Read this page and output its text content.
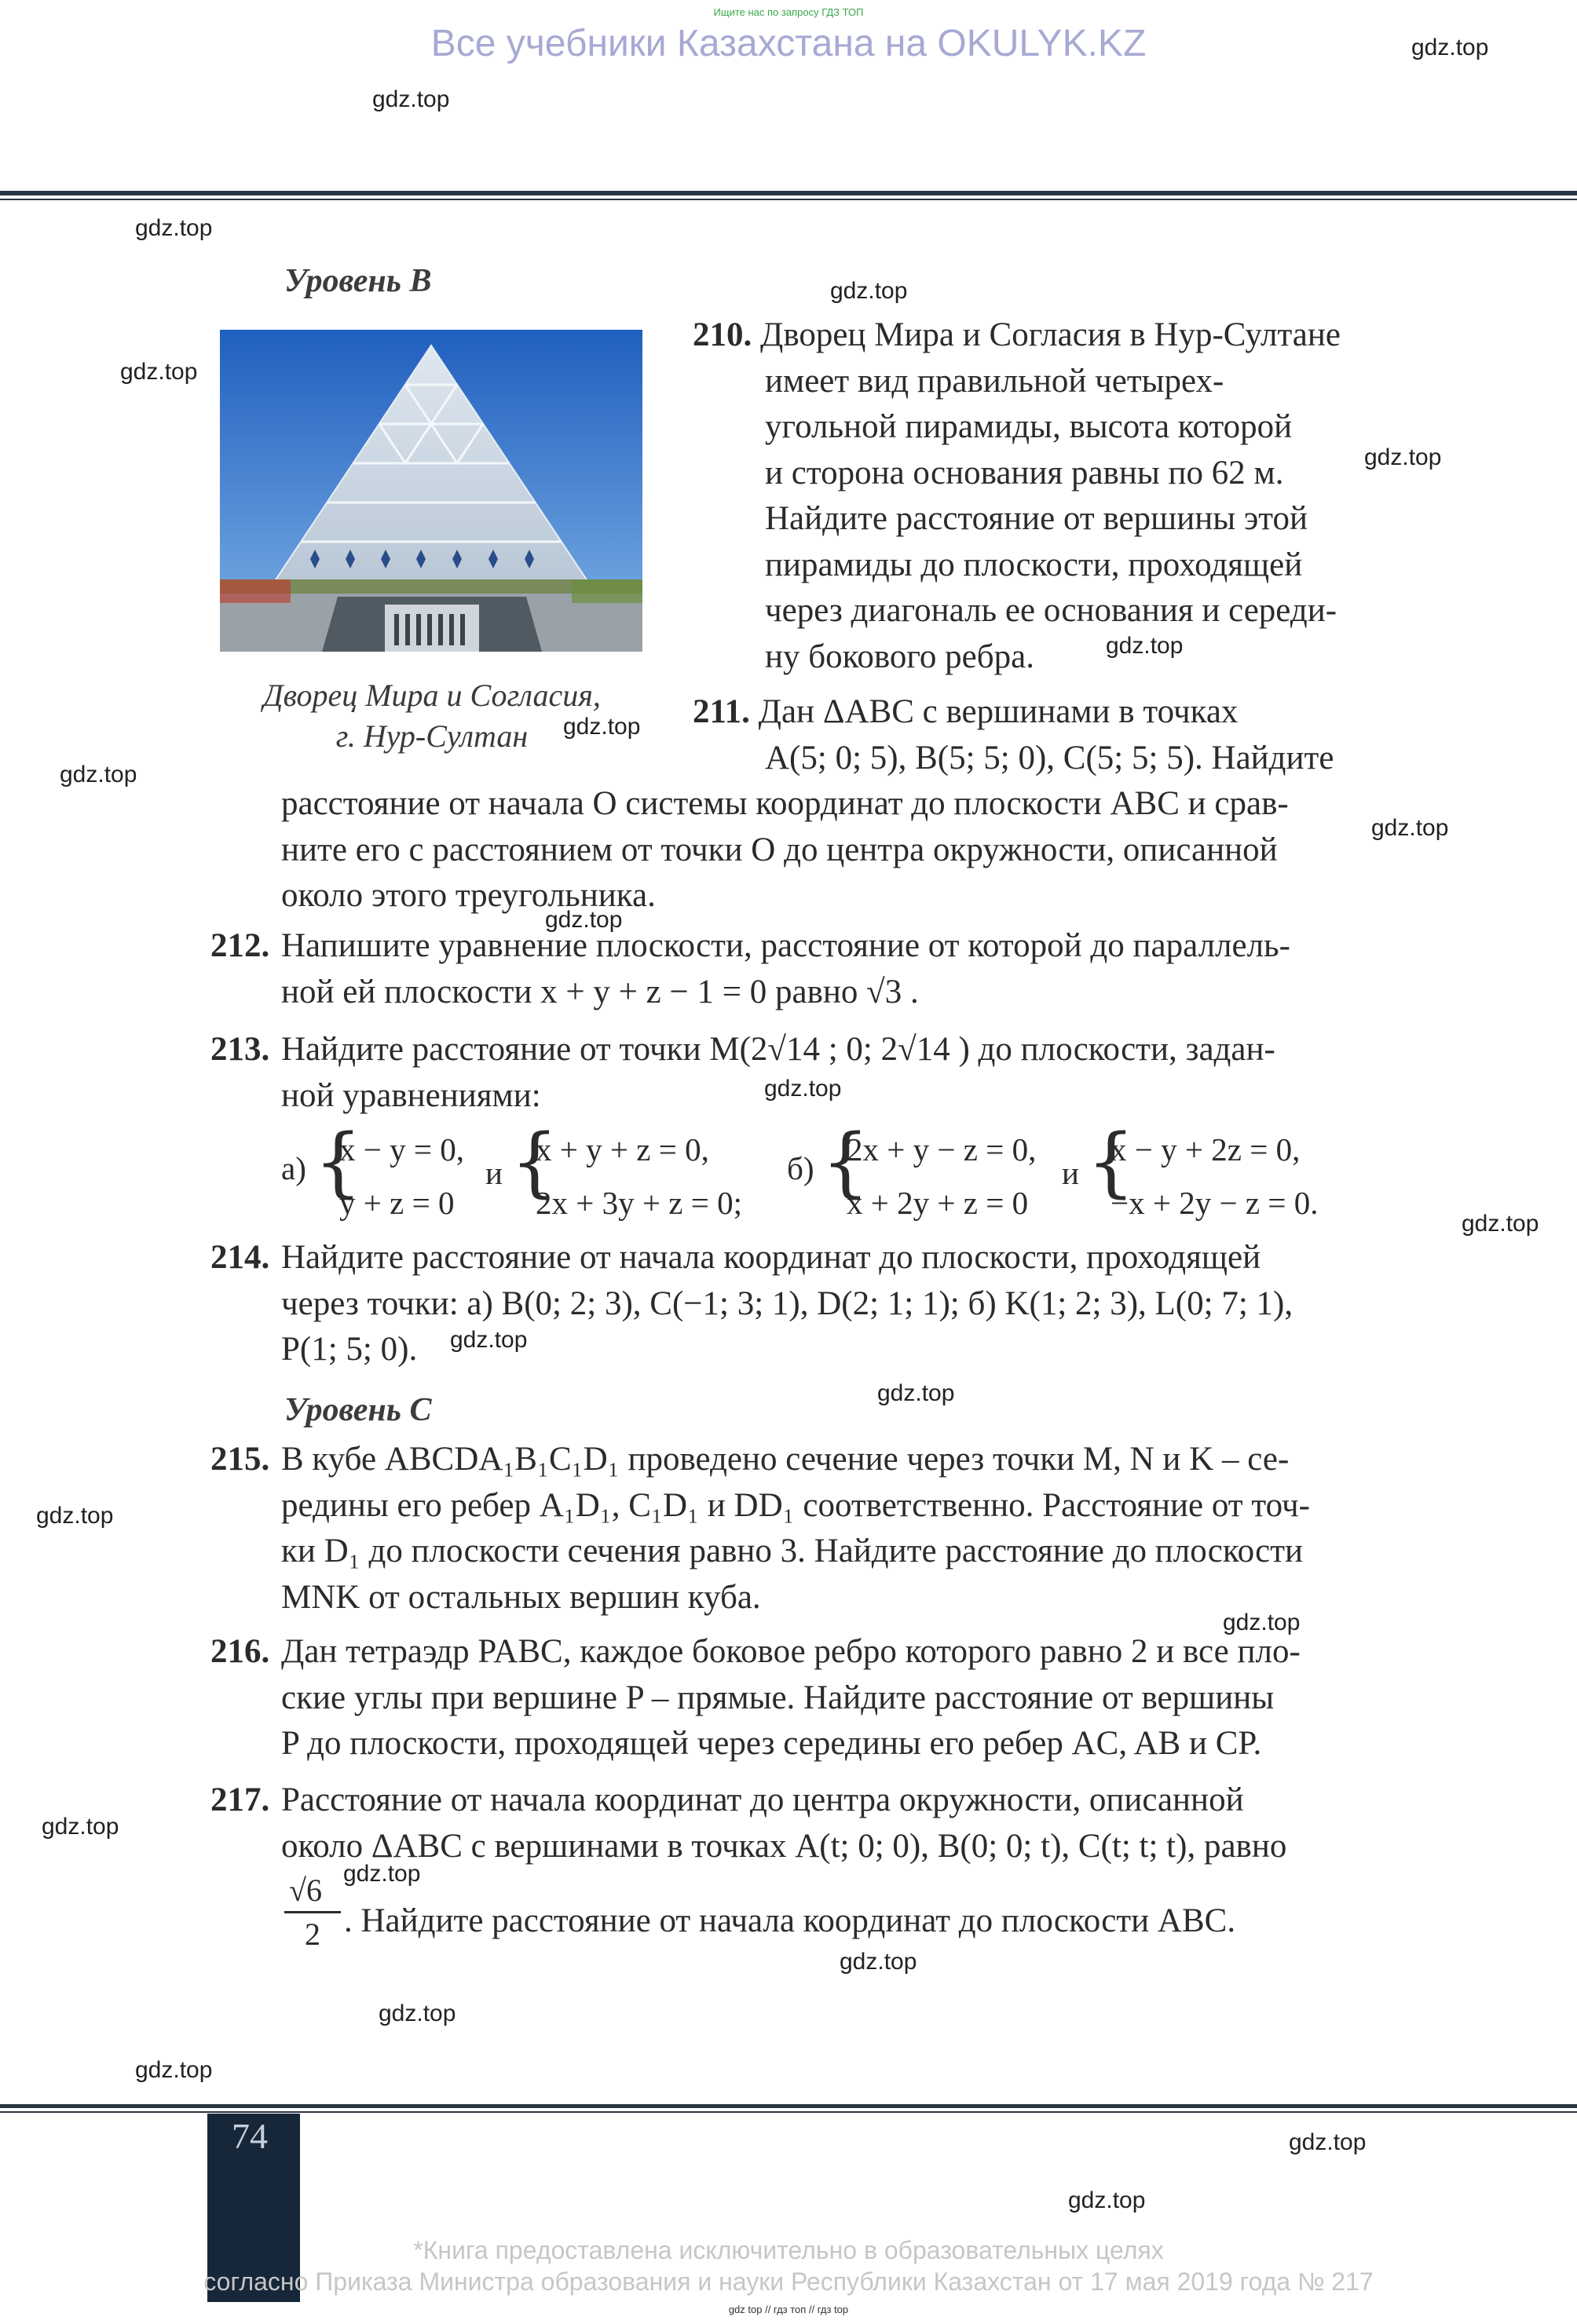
Ищите нас по запросу ГДЗ ТОП
Все учебники Казахстана на OKULYK.KZ	gdz.top
gdz.top
gdz.top
gdz.top
gdz.top
gdz.top
gdz.top
gdz.top
gdz.top
gdz.top
gdz.top
gdz.top
gdz.top
gdz.top
gdz.top
gdz.top
gdz.top
gdz.top
gdz.top
gdz.top
gdz.top
gdz.top
gdz.top
gdz.top
Уровень В
Дворец Мира и Согласия,
г. Нур-Султан
210. Дворец Мира и Согласия в Нур-Султане
имеет вид правильной четырех-
угольной пирамиды, высота которой
и сторона основания равны по 62 м.
Найдите расстояние от вершины этой
пирамиды до плоскости, проходящей
через диагональ ее основания и середи-
ну бокового ребра.
211. Дан ΔABC с вершинами в точках
A(5; 0; 5), B(5; 5; 0), C(5; 5; 5). Найдите
расстояние от начала O системы координат до плоскости ABC и срав-
ните его с расстоянием от точки O до центра окружности, описанной
около этого треугольника.
212. Напишите уравнение плоскости, расстояние от которой до параллель-
ной ей плоскости x + y + z − 1 = 0 равно √3 .
213. Найдите расстояние от точки M(2√14 ; 0; 2√14 ) до плоскости, задан-
ной уравнениями:
а) {
x − y = 0,
y + z = 0
и {
x + y + z = 0,
2x + 3y + z = 0;
б) {
2x + y − z = 0,
x + 2y + z = 0
и {
x − y + 2z = 0,
−x + 2y − z = 0.
214. Найдите расстояние от начала координат до плоскости, проходящей
через точки: а) B(0; 2; 3), C(−1; 3; 1), D(2; 1; 1); б) K(1; 2; 3), L(0; 7; 1),
P(1; 5; 0).
Уровень С
215. В кубе ABCDA₁B₁C₁D₁ проведено сечение через точки M, N и K – се-
редины его ребер A₁D₁, C₁D₁ и DD₁ соответственно. Расстояние от точ-
ки D₁ до плоскости сечения равно 3. Найдите расстояние до плоскости
MNK от остальных вершин куба.
216. Дан тетраэдр PABC, каждое боковое ребро которого равно 2 и все пло-
ские углы при вершине P – прямые. Найдите расстояние от вершины
P до плоскости, проходящей через середины его ребер AC, AB и CP.
217. Расстояние от начала координат до центра окружности, описанной
около ΔABC с вершинами в точках A(t; 0; 0), B(0; 0; t), C(t; t; t), равно
√6
2 . Найдите расстояние от начала координат до плоскости ABC.
74
*Книга предоставлена исключительно в образовательных целях
согласно Приказа Министра образования и науки Республики Казахстан от 17 мая 2019 года № 217
gdz top // гдз топ // гдз top
